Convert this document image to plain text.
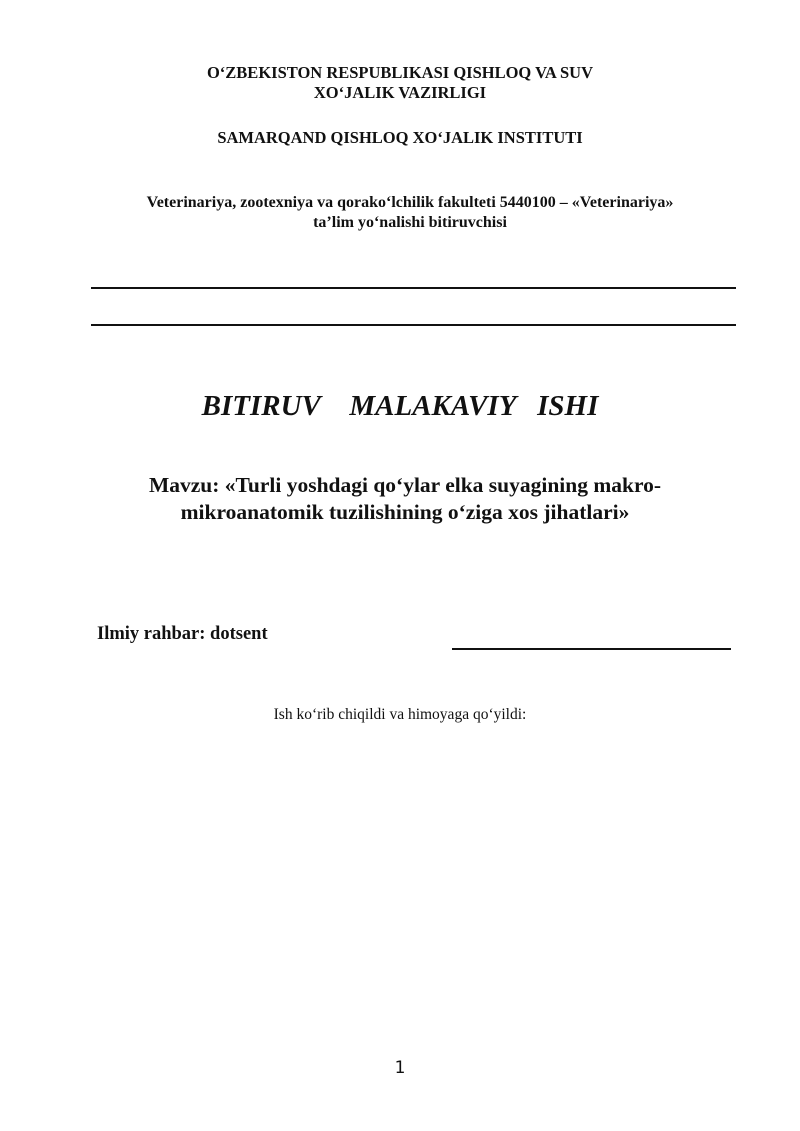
O‘ZBEKISTON RESPUBLIKASI QISHLOQ VA SUV
XO‘JALIK VAZIRLIGI
SAMARQAND QISHLOQ XO‘JALIK INSTITUTI
Veterinariya, zootexniya va qorako‘lchilik fakulteti 5440100 – «Veterinariya»
ta’lim yo‘nalishi bitiruvchisi
BITIRUV    MALAKAVIY   ISHI
Mavzu: «Turli yoshdagi qo‘ylar elka suyagining makro-
mikroanatomik tuzilishining o‘ziga xos jihatlari»
Ilmiy rahbar: dotsent
Ish ko‘rib chiqildi va himoyaga qo‘yildi:
1
